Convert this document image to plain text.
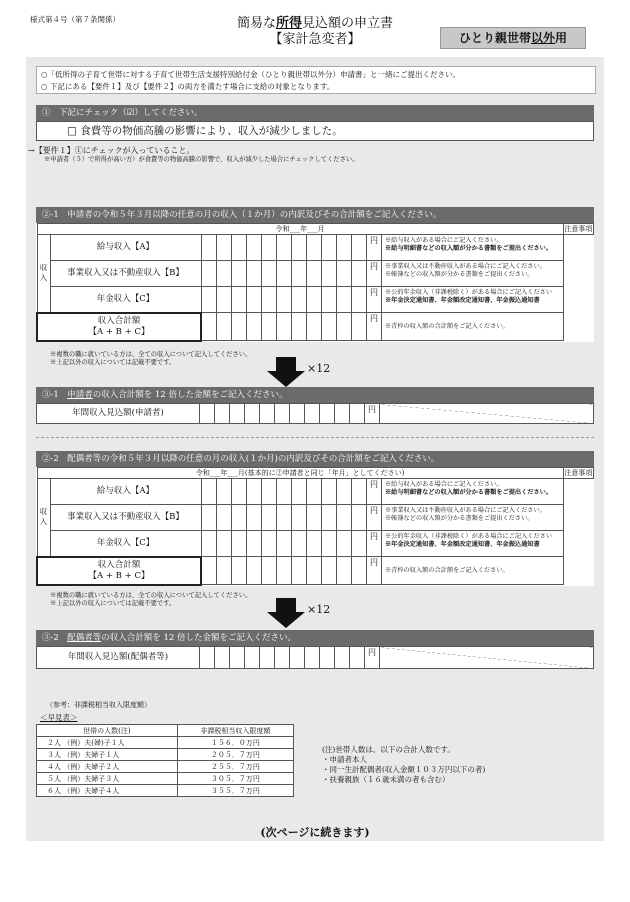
様式第４号（第７条関係）	簡易な所得見込額の申立書
【家計急変者】	ひとり親世帯以外用
○「低所得の子育て世帯に対する子育て世帯生活支援特別給付金（ひとり親世帯以外分）申請書」と一緒にご提出ください。
○ 下記にある【要件１】及び【要件２】の両方を満たす場合に支給の対象となります。
①　下記にチェック（☑）してください。
□ 食費等の物価高騰の影響により、収入が減少しました。
→【要件１】①にチェックが入っていること。
※申請者（５）で所得が高い方）が食費等の物価高騰の影響で、収入が減少した場合にチェックしてください。
②-1　申請者の令和５年３月以降の任意の月の収入（１か月）の内訳及びその合計額をご記入ください。
令和___年___月															注意事項
収入	給与収入【A】												円	※給与収入がある場合にご記入ください。
※給与明細書などの収入額が分かる書類をご提出ください。	

	事業収入又は不動産収入【B】												円	※事業収入又は不動産収入がある場合にご記入ください。
※帳簿などの収入額が分かる書類をご提出ください。	

	年金収入【C】												円	※公的年金収入（非課税除く）がある場合にご記入ください
※年金決定通知書、年金額改定通知書、年金振込通知書	

収入合計額
【A + B + C】													円	※青枠の収入額の合計額をご記入ください。	
※複数の職に就いている方は、全ての収入について記入してください。
※上記以外の収入については記載不要です。	×12
③-1　申請者の収入合計額を 12 倍した金額をご記入ください。
年間収入見込額(申請者)												円	
②-2　配偶者等の令和５年３月以降の任意の月の収入(１か月)の内訳及びその合計額をご記入ください。
令和___年___月(基本的に②申請者と同じ「年月」としてください)															注意事項
収入	給与収入【A】												円	※給与収入がある場合にご記入ください。
※給与明細書などの収入額が分かる書類をご提出ください。	

	事業収入又は不動産収入【B】												円	※事業収入又は不動産収入がある場合にご記入ください。
※帳簿などの収入額が分かる書類をご提出ください。	

	年金収入【C】												円	※公的年金収入（非課税除く）がある場合にご記入ください
※年金決定通知書、年金額改定通知書、年金振込通知書	

収入合計額
【A + B + C】													円	※青枠の収入額の合計額をご記入ください。	
※複数の職に就いている方は、全ての収入について記入してください。
※上記以外の収入については記載不要です。	×12
③-2　配偶者等の収入合計額を 12 倍した金額をご記入ください。
年間収入見込額(配偶者等)												円	
（参考：非課税相当収入限度額）
＜早見表＞
世帯の人数(注)	非課税相当収入限度額
２人 （例）夫(婦)子１人	１５６．０万円
３人 （例）夫婦子１人	２０５．７万円
４人 （例）夫婦子２人	２５５．７万円
５人 （例）夫婦子３人	３０５．７万円
６人 （例）夫婦子４人	３５５．７万円
(注)世帯人数は、以下の合計人数です。
・申請者本人
・同一生計配偶者(収入金額１０３万円以下の者)
・扶養親族（１６歳未満の者も含む）
(次ページに続きます)
